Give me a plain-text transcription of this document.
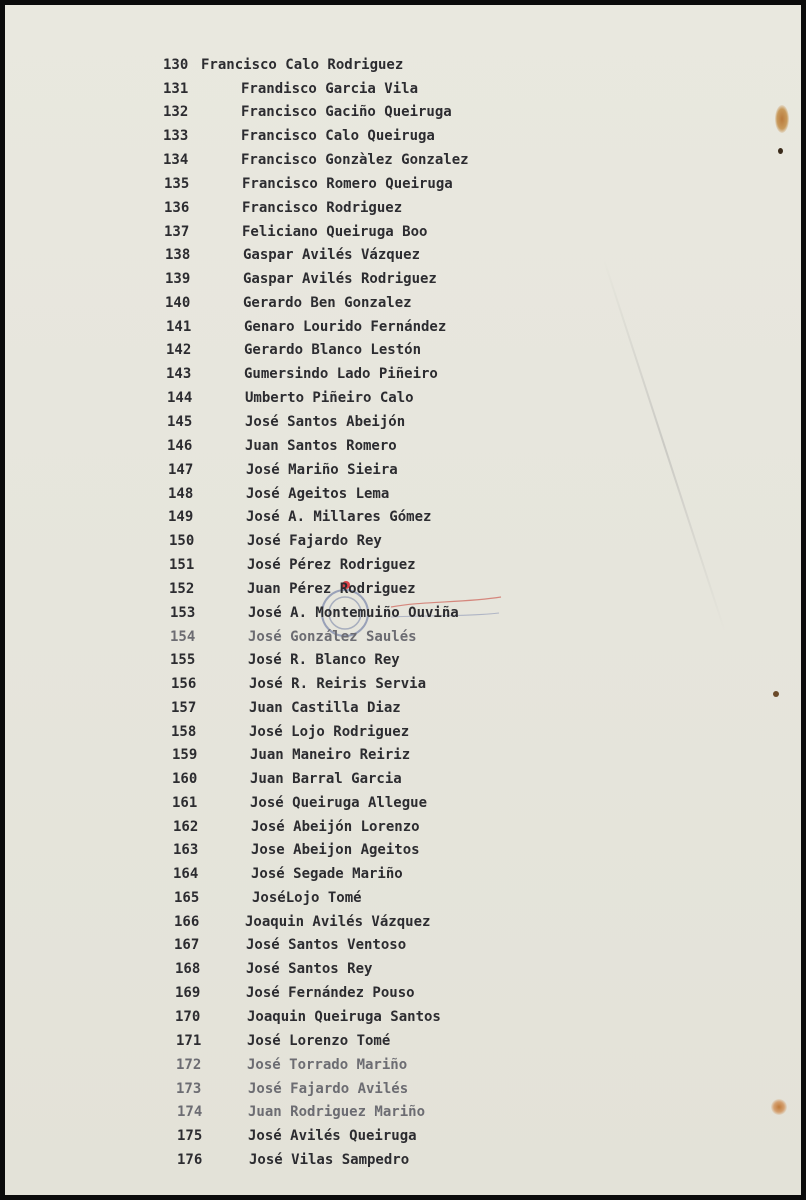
130 Francisco Calo Rodriguez
131	Frandisco Garcia Vila
132	Francisco Gaciño Queiruga
133	Francisco Calo Queiruga
134	Francisco Gonzàlez Gonzalez
135	Francisco Romero Queiruga
136	Francisco Rodriguez
137	Feliciano Queiruga Boo
138	Gaspar Avilés Vázquez
139	Gaspar Avilés Rodriguez
140	Gerardo Ben Gonzalez
141	Genaro Lourido Fernández
142	Gerardo Blanco Lestón
143	Gumersindo Lado Piñeiro
144	Umberto Piñeiro Calo
145	José Santos Abeijón
146	Juan Santos Romero
147	José Mariño Sieira
148	José Ageitos Lema
149	José A. Millares Gómez
150	José Fajardo Rey
151	José Pérez Rodriguez
152	Juan Pérez Rodriguez
153	José A. Montemuiño Ouviña
154	José González Saulés
155	José R. Blanco Rey
156	José R. Reiris Servia
157	Juan Castilla Diaz
158	José Lojo Rodriguez
159	Juan Maneiro Reiriz
160	Juan Barral Garcia
161	José Queiruga Allegue
162	José Abeijón Lorenzo
163	Jose Abeijon Ageitos
164	José Segade Mariño
165	JoséLojo Tomé
166	Joaquin Avilés Vázquez
167	José Santos Ventoso
168	José Santos Rey
169	José Fernández Pouso
170	Joaquin Queiruga Santos
171	José Lorenzo Tomé
172	José Torrado Mariño
173	José Fajardo Avilés
174	Juan Rodriguez Mariño
175	José Avilés Queiruga
176	José Vilas Sampedro
